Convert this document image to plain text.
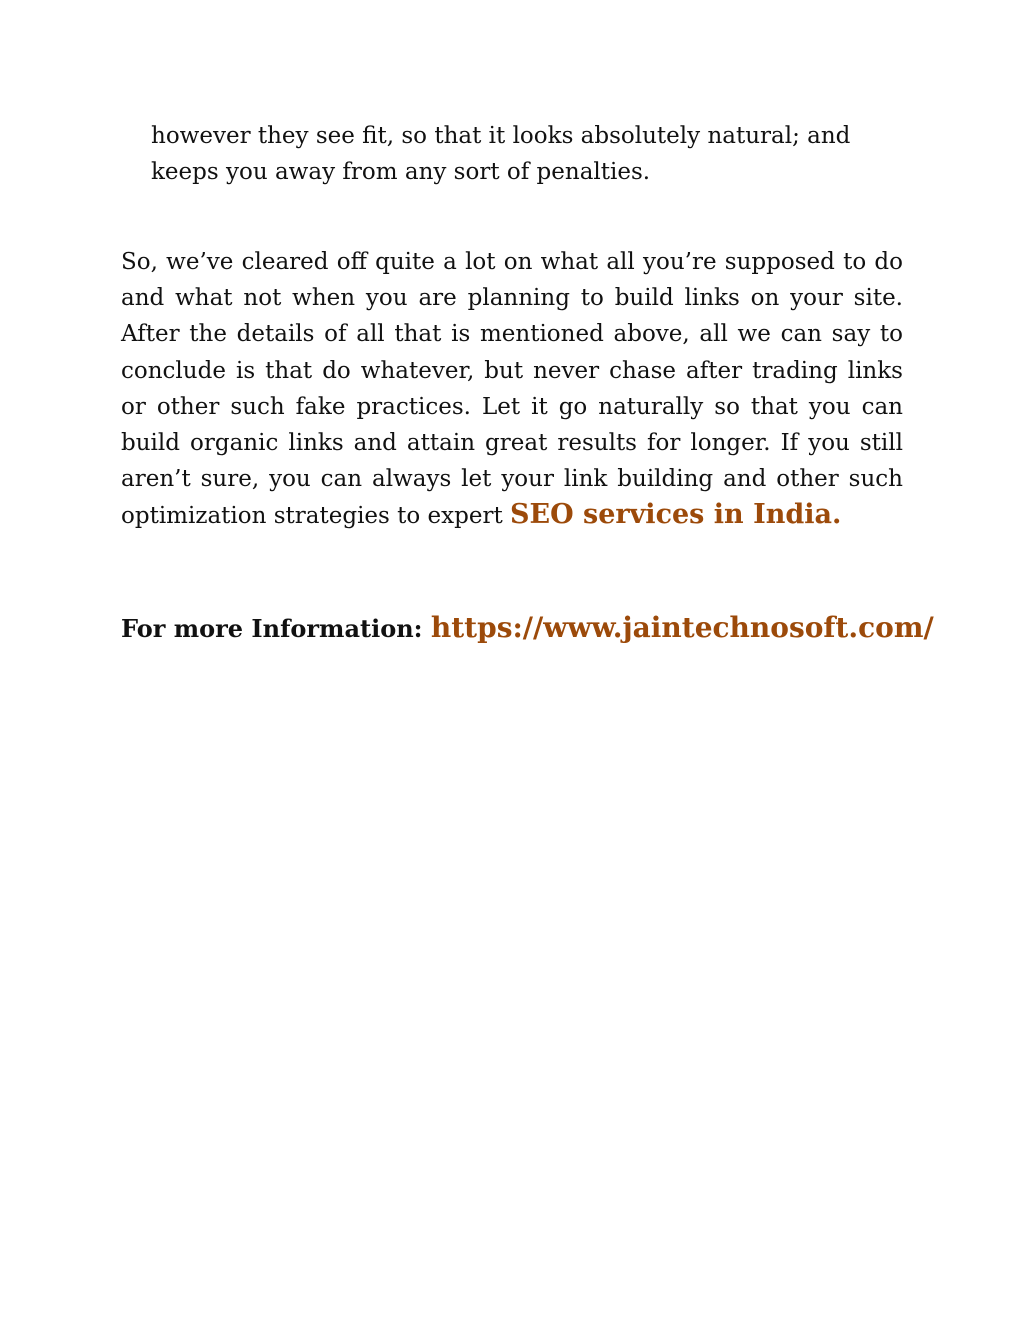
however they see fit, so that it looks absolutely natural; and keeps you away from any sort of penalties.

So, we’ve cleared off quite a lot on what all you’re supposed to do and what not when you are planning to build links on your site. After the details of all that is mentioned above, all we can say to conclude is that do whatever, but never chase after trading links or other such fake practices. Let it go naturally so that you can build organic links and attain great results for longer. If you still aren’t sure, you can always let your link building and other such optimization strategies to expert SEO services in India.

For more Information: https://www.jaintechnosoft.com/
